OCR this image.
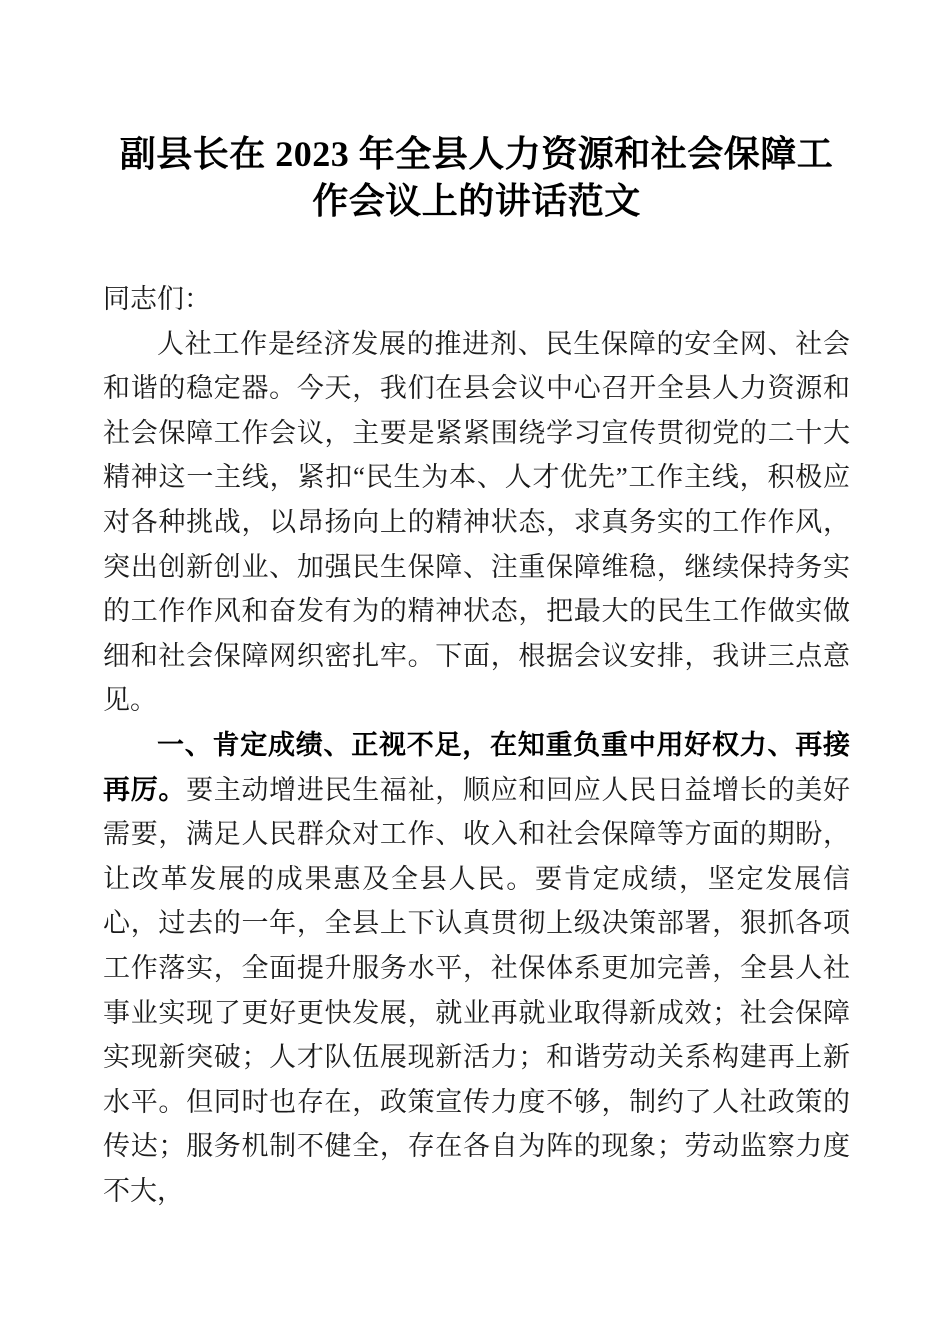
副县长在 2023 年全县人力资源和社会保障工作会议上的讲话范文

同志们：

人社工作是经济发展的推进剂、民生保障的安全网、社会和谐的稳定器。今天，我们在县会议中心召开全县人力资源和社会保障工作会议，主要是紧紧围绕学习宣传贯彻党的二十大精神这一主线，紧扣“民生为本、人才优先”工作主线，积极应对各种挑战，以昂扬向上的精神状态，求真务实的工作作风，突出创新创业、加强民生保障、注重保障维稳，继续保持务实的工作作风和奋发有为的精神状态，把最大的民生工作做实做细和社会保障网织密扎牢。下面，根据会议安排，我讲三点意见。

一、肯定成绩、正视不足，在知重负重中用好权力、再接再厉。要主动增进民生福祉，顺应和回应人民日益增长的美好需要，满足人民群众对工作、收入和社会保障等方面的期盼，让改革发展的成果惠及全县人民。要肯定成绩，坚定发展信心，过去的一年，全县上下认真贯彻上级决策部署，狠抓各项工作落实，全面提升服务水平，社保体系更加完善，全县人社事业实现了更好更快发展，就业再就业取得新成效；社会保障实现新突破；人才队伍展现新活力；和谐劳动关系构建再上新水平。但同时也存在，政策宣传力度不够，制约了人社政策的传达；服务机制不健全，存在各自为阵的现象；劳动监察力度不大，
